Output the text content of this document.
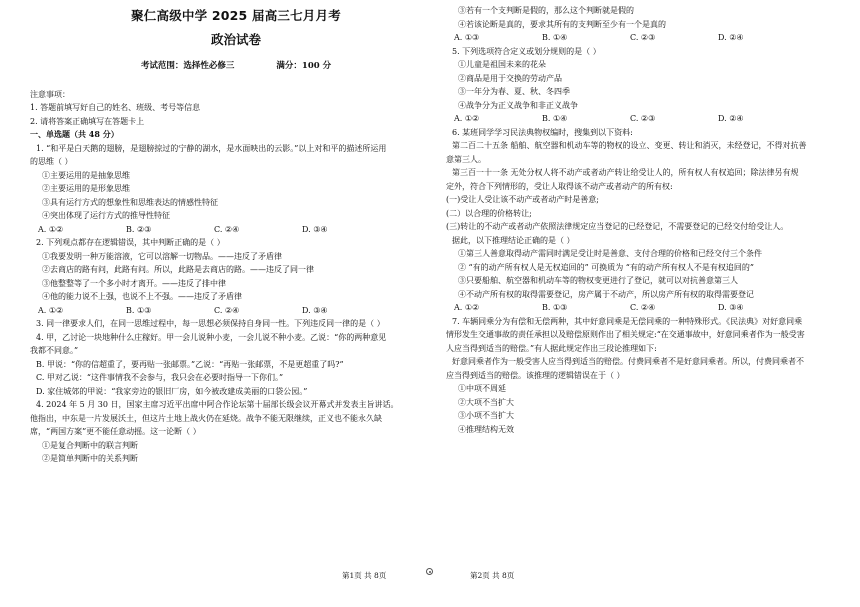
聚仁高级中学 2025 届高三七月月考
政治试卷
考试范围：选择性必修三	满分：100 分

注意事项：

1. 答题前填写好自己的姓名、班级、考号等信息

2. 请将答案正确填写在答题卡上

一、单选题（共 48 分）

1. “和平是白天鹅的翅膀，是翅膀掠过的宁静的湖水，是水面映出的云影。”以上对和平的描述所运用

的思维（ ）

①主要运用的是抽象思维

②主要运用的是形象思维

③具有运行方式的想象性和思维表达的情感性特征

④突出体现了运行方式的推导性特征

A. ①②	B. ②③	C. ②④	D. ③④

2. 下列观点都存在逻辑错误，其中判断正确的是（ ）

①我要发明一种万能溶液，它可以溶解一切物品。——违反了矛盾律

②去商店的路有问，此路有问。所以，此路是去商店的路。——违反了同一律

③他整整等了一个多小时才离开。——违反了排中律

④他的能力说不上强，也说不上不强。——违反了矛盾律

A. ①②	B. ①③	C. ②④	D. ③④

3. 同一律要求人们，在同一思维过程中，每一思想必须保持自身同一性。下列违反同一律的是（ ）

4. 甲，乙讨论一块地种什么庄稼好。甲一会儿说种小麦，一会儿说不种小麦。乙说：“你的两种意见

我都不同意。”

B. 甲说：“你的信超重了，要再贴一张邮票。”乙说：“再贴一张邮票，不是更超重了吗?”

C. 甲对乙说：“这件事情我不会参与，我只会在必要时指导一下你们。”

D. 家住城郊的甲说：“我家旁边的银旧厂房，如今被改建成美丽的口袋公园。”

4. 2024 年 5 月 30 日，国家主席习近平出席中阿合作论坛第十届部长级会议开幕式并发表主旨讲话。

他指出，中东是一片发展沃土，但这片土地上战火仍在延烧。战争不能无限继续，正义也不能永久缺

席，“两国方案”更不能任意动摇。这一论断（ ）

①是复合判断中的联言判断

②是简单判断中的关系判断

③若有一个支判断是假的，那么这个判断就是假的

④若该论断是真的，要求其所有的支判断至少有一个是真的

A. ①③	B. ①④	C. ②③	D. ②④

5. 下列选项符合定义或划分规则的是（ ）

①儿童是祖国未来的花朵

②商品是用于交换的劳动产品

③一年分为春、夏、秋、冬四季

④战争分为正义战争和非正义战争

A. ①②	B. ①④	C. ②③	D. ②④

6. 某班同学学习民法典物权编时，搜集到以下资料:

第二百二十五条 船舶、航空器和机动车等的物权的设立、变更、转让和消灭，未经登记，不得对抗善

意第三人。

第三百一十一条 无处分权人将不动产或者动产转让给受让人的，所有权人有权追回；除法律另有规

定外，符合下列情形的，受让人取得该不动产或者动产的所有权:

(一)受让人受让该不动产或者动产时是善意;

(二）以合理的价格转让;

(三)转让的不动产或者动产依照法律规定应当登记的已经登记，不需要登记的已经交付给受让人。

据此，以下推理结论正确的是（ ）

①第三人善意取得动产需同时满足受让时是善意、支付合理的价格和已经交付三个条件

② “有的动产所有权人是无权追回的” 可换质为 “有的动产所有权人不是有权追回的”

③只要船舶、航空器和机动车等的物权变更进行了登记，就可以对抗善意第三人

④不动产所有权的取得需要登记，房产属于不动产，所以房产所有权的取得需要登记

A. ①②	B. ①③	C. ②④	D. ③④

7. 车辆同乘分为有偿和无偿两种，其中好意同乘是无偿同乘的一种特殊形式。《民法典》对好意同乘

情形发生交通事故的责任承担以及赔偿原则作出了相关规定:“在交通事故中，好意同乘者作为一般受害

人应当得到适当的赔偿。”有人据此规定作出三段论推理如下:

好意同乘者作为一般受害人应当得到适当的赔偿。付费同乘者不是好意同乘者。所以，付费同乘者不

应当得到适当的赔偿。该推理的逻辑错误在于（ ）

①中项不周延

②大项不当扩大

③小项不当扩大

④推理结构无效

第1页 共 8页	第2页 共 8页
